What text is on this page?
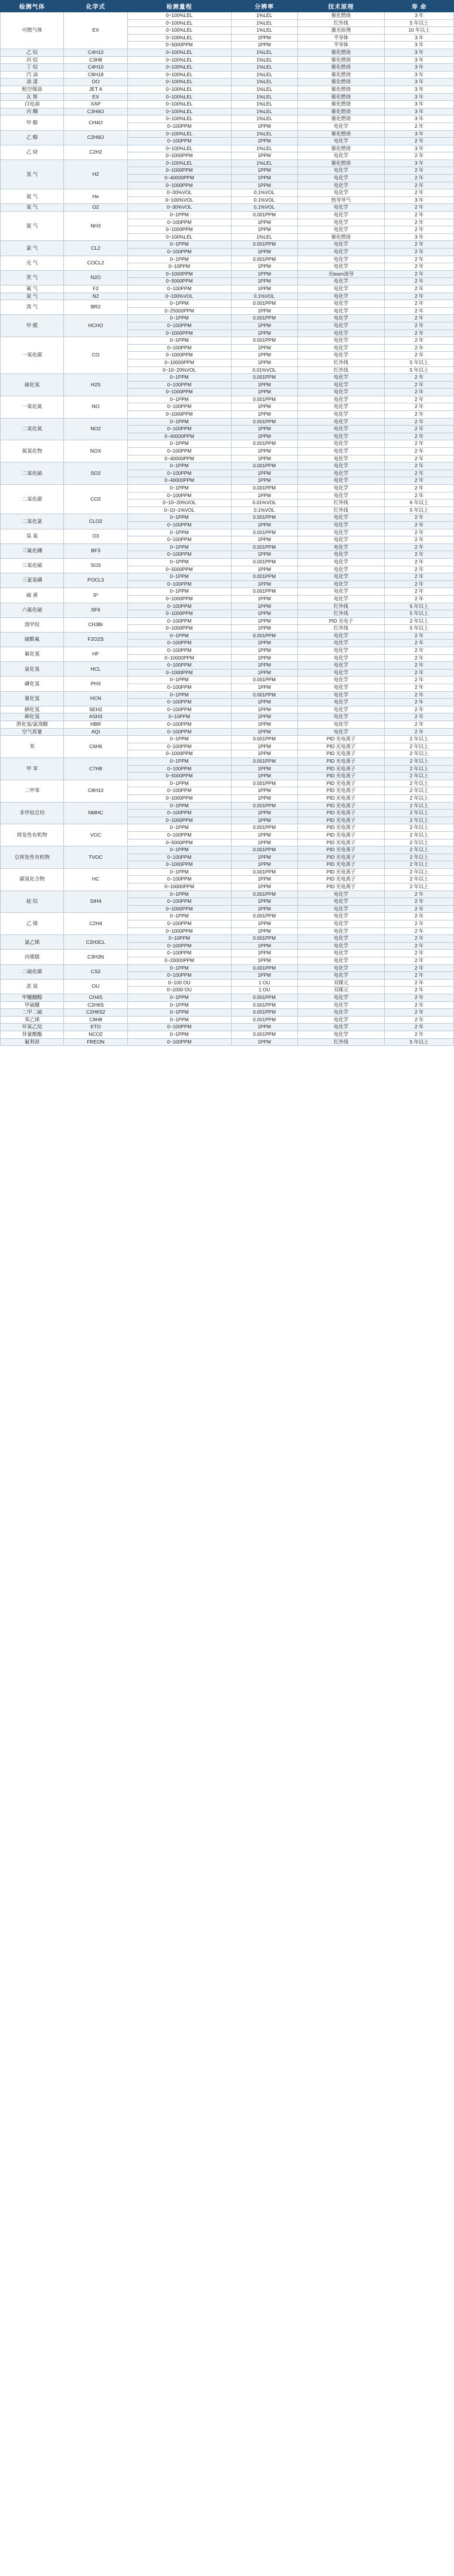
检测气体	化学式	检测量程	分辨率	技术原理	寿 命
可燃气体	EX	0~100%LEL	1%LEL	催化燃烧	3 年
		0~100%LEL	1%LEL	红外线	5 年以上
		0~100%LEL	1%LEL	激光原理	10 年以上
		0~100%LEL	1PPM	半导体	3 年
		0~5000PPM	1PPM	半导体	3 年
乙 烷	C4H10	0~100%LEL	1%LEL	催化燃烧	3 年
丙 烷	C3H8	0~100%LEL	1%LEL	催化燃烧	3 年
丁 烷	C4H10	0~100%LEL	1%LEL	催化燃烧	3 年
汽 油	C8H18	0~100%LEL	1%LEL	催化燃烧	3 年
油 漆	OO	0~100%LEL	1%LEL	催化燃烧	3 年
航空煤油	JET A	0~100%LEL	1%LEL	催化燃烧	3 年
瓦 斯	EX	0~100%LEL	1%LEL	催化燃烧	3 年
白电油	XAP	0~100%LEL	1%LEL	催化燃烧	3 年
丙 酮	C3H6O	0~100%LEL	1%LEL	催化燃烧	3 年
甲 醇	CH4O	0~100%LEL	1%LEL	催化燃烧	3 年
		0~100PPM	1PPM	电化学	2 年
乙 醇	C2H6O	0~100%LEL	1%LEL	催化燃烧	3 年
		0~100PPM	1PPM	电化学	2 年
乙 炔	C2H2	0~100%LEL	1%LEL	催化燃烧	3 年
		0~1000PPM	1PPM	电化学	2 年
氢 气	H2	0~100%LEL	1%LEL	催化燃烧	3 年
		0~1000PPM	1PPM	电化学	2 年
		0~40000PPM	1PPM	电化学	2 年
		0~1000PPM	1PPM	电化学	2 年
氦 气	He	0~30%VOL	0.1%VOL	电化学	2 年
		0~100%VOL	0.1%VOL	热导导气	3 年
氧 气	O2	0~30%VOL	0.1%VOL	电化学	2 年
氨 气	NH3	0~1PPM	0.001PPM	电化学	2 年
		0~100PPM	1PPM	电化学	2 年
		0~1000PPM	1PPM	电化学	2 年
		0~100%LEL	1%LEL	催化燃烧	3 年
氯 气	CL2	0~1PPM	0.001PPM	电化学	2 年
		0~100PPM	1PPM	电化学	2 年
光 气	COCL2	0~1PPM	0.001PPM	电化学	2 年
		0~10PPM	1PPM	电化学	2 年
笑 气	N2O	0~1000PPM	1PPM	光learn波导	2 年
		0~5000PPM	1PPM	电化学	2 年
氟 气	F2	0~100PPM	1PPM	电化学	2 年
氮 气	N2	0~100%VOL	0.1%VOL	电化学	2 年
溴 气	BR2	0~1PPM	0.001PPM	电化学	2 年
		0~25000PPM	1PPM	电化学	2 年
甲 醛	HCHO	0~1PPM	0.001PPM	电化学	2 年
		0~100PPM	1PPM	电化学	2 年
		0~1000PPM	1PPM	电化学	2 年
一氧化碳	CO	0~1PPM	0.001PPM	电化学	2 年
		0~100PPM	1PPM	电化学	2 年
		0~1000PPM	1PPM	电化学	2 年
		0~10000PPM	1PPM	红外线	5 年以上
		0~10~20%VOL	0.01%VOL	红外线	5 年以上
硫化氢	H2S	0~1PPM	0.001PPM	电化学	2 年
		0~100PPM	1PPM	电化学	2 年
		0~1000PPM	1PPM	电化学	2 年
一氧化氮	NO	0~1PPM	0.001PPM	电化学	2 年
		0~100PPM	1PPM	电化学	2 年
		0~1000PPM	1PPM	电化学	2 年
二氧化氮	NO2	0~1PPM	0.001PPM	电化学	2 年
		0~100PPM	1PPM	电化学	2 年
		0~40000PPM	1PPM	电化学	2 年
氮氧化物	NOX	0~1PPM	0.001PPM	电化学	2 年
		0~100PPM	1PPM	电化学	2 年
		0~40000PPM	1PPM	电化学	2 年
二氧化硫	SO2	0~1PPM	0.001PPM	电化学	2 年
		0~100PPM	1PPM	电化学	2 年
		0~40000PPM	1PPM	电化学	2 年
二氧化碳	CO2	0~1PPM	0.001PPM	电化学	2 年
		0~100PPM	1PPM	电化学	2 年
		0~10~20%VOL	0.01%VOL	红外线	6 年以上
		0~10~1%VOL	0.1%VOL	红外线	5 年以上
二氧化氯	CLO2	0~1PPM	0.001PPM	电化学	2 年
		0~100PPM	1PPM	电化学	2 年
臭 氧	O3	0~1PPM	0.001PPM	电化学	2 年
		0~100PPM	1PPM	电化学	2 年
三氟化硼	BF3	0~1PPM	0.001PPM	电化学	2 年
		0~100PPM	1PPM	电化学	2 年
三氧化硫	SO3	0~1PPM	0.001PPM	电化学	2 年
		0~5000PPM	1PPM	电化学	2 年
三氯氧磷	POCL3	0~1PPM	0.001PPM	电化学	2 年
		0~100PPM	1PPM	电化学	2 年
硫 黄	S*	0~1PPM	0.001PPM	电化学	2 年
		0~1000PPM	1PPM	电化学	2 年
六氟化硫	SF6	0~100PPM	1PPM	红外线	5 年以上
		0~1000PPM	1PPM	红外线	5 年以上
溴甲烷	CH3Br	0~100PPM	1PPM	PID 光电子	2 年以上
		0~1000PPM	1PPM	红外线	5 年以上
硫酰氟	F2O2S	0~1PPM	0.001PPM	电化学	2 年
		0~100PPM	1PPM	电化学	2 年
氟化氢	HF	0~100PPM	1PPM	电化学	2 年
		0~10000PPM	1PPM	电化学	2 年
氯化氢	HCL	0~100PPM	1PPM	电化学	2 年
		0~1000PPM	1PPM	电化学	2 年
磷化氢	PH3	0~1PPM	0.001PPM	电化学	2 年
		0~100PPM	1PPM	电化学	2 年
氰化氢	HCN	0~1PPM	0.001PPM	电化学	2 年
		0~100PPM	1PPM	电化学	2 年
硒化氢	SEH2	0~100PPM	1PPM	电化学	2 年
砷化氢	ASH3	0~10PPM	1PPM	电化学	2 年
泄化氢/氯溴酸	HBR	0~100PPM	1PPM	电化学	2 年
空气质量	AQI	0~100PPM	1PPM	电化学	2 年
苯	C6H6	0~1PPM	0.001PPM	PID 光电离子	2 年以上
		0~100PPM	1PPM	PID 光电离子	2 年以上
		0~1000PPM	1PPM	PID 光电离子	2 年以上
甲 苯	C7H8	0~1PPM	0.001PPM	PID 光电离子	2 年以上
		0~100PPM	1PPM	PID 光电离子	2 年以上
		0~5000PPM	1PPM	PID 光电离子	2 年以上
二甲苯	C8H10	0~1PPM	0.001PPM	PID 光电离子	2 年以上
		0~100PPM	1PPM	PID 光电离子	2 年以上
		0~1000PPM	1PPM	PID 光电离子	2 年以上
非甲烷总烃	NMHC	0~1PPM	0.001PPM	PID 光电离子	2 年以上
		0~100PPM	1PPM	PID 光电离子	2 年以上
		0~1000PPM	1PPM	PID 光电离子	2 年以上
挥发性有机物	VOC	0~1PPM	0.001PPM	PID 光电离子	2 年以上
		0~100PPM	1PPM	PID 光电离子	2 年以上
		0~5000PPM	1PPM	PID 光电离子	2 年以上
总挥发性有机物	TVOC	0~1PPM	0.001PPM	PID 光电离子	2 年以上
		0~100PPM	1PPM	PID 光电离子	2 年以上
		0~1000PPM	1PPM	PID 光电离子	2 年以上
碳氢化合物	HC	0~1PPM	0.001PPM	PID 光电离子	2 年以上
		0~100PPM	1PPM	PID 光电离子	2 年以上
		0~10000PPM	1PPM	PID 光电离子	2 年以上
硅 烷	SIH4	0~1PPM	0.001PPM	电化学	2 年
		0~100PPM	1PPM	电化学	2 年
		0~1000PPM	1PPM	电化学	2 年
乙 烯	C2H4	0~1PPM	0.001PPM	电化学	2 年
		0~100PPM	1PPM	电化学	2 年
		0~1000PPM	1PPM	电化学	2 年
氯乙烯	C2H3CL	0~10PPM	0.001PPM	电化学	2 年
		0~100PPM	1PPM	电化学	2 年
丙烯腈	C3H3N	0~100PPM	1PPM	电化学	2 年
		0~20000PPM	1PPM	电化学	2 年
二硫化碳	CS2	0~1PPM	0.001PPM	电化学	2 年
		0~100PPM	1PPM	电化学	2 年
恶 臭	OU	0~100 OU	1 OU	双媒元	2 年
		0~1000 OU	1 OU	双媒元	2 年
甲醚醚醇	CH4S	0~1PPM	0.001PPM	电化学	2 年
甲硫醚	C2H6S	0~1PPM	0.001PPM	电化学	2 年
二甲二硫	C2H6S2	0~1PPM	0.001PPM	电化学	2 年
苯乙烯	C8H8	0~1PPM	0.001PPM	电化学	2 年
环氧乙烷	ETO	0~100PPM	1PPM	电化学	2 年
异氰酸酯	NCO2	0~1PPM	0.001PPM	电化学	2 年
氟利昂	FREON	0~100PPM	1PPM	红外线	5 年以上
